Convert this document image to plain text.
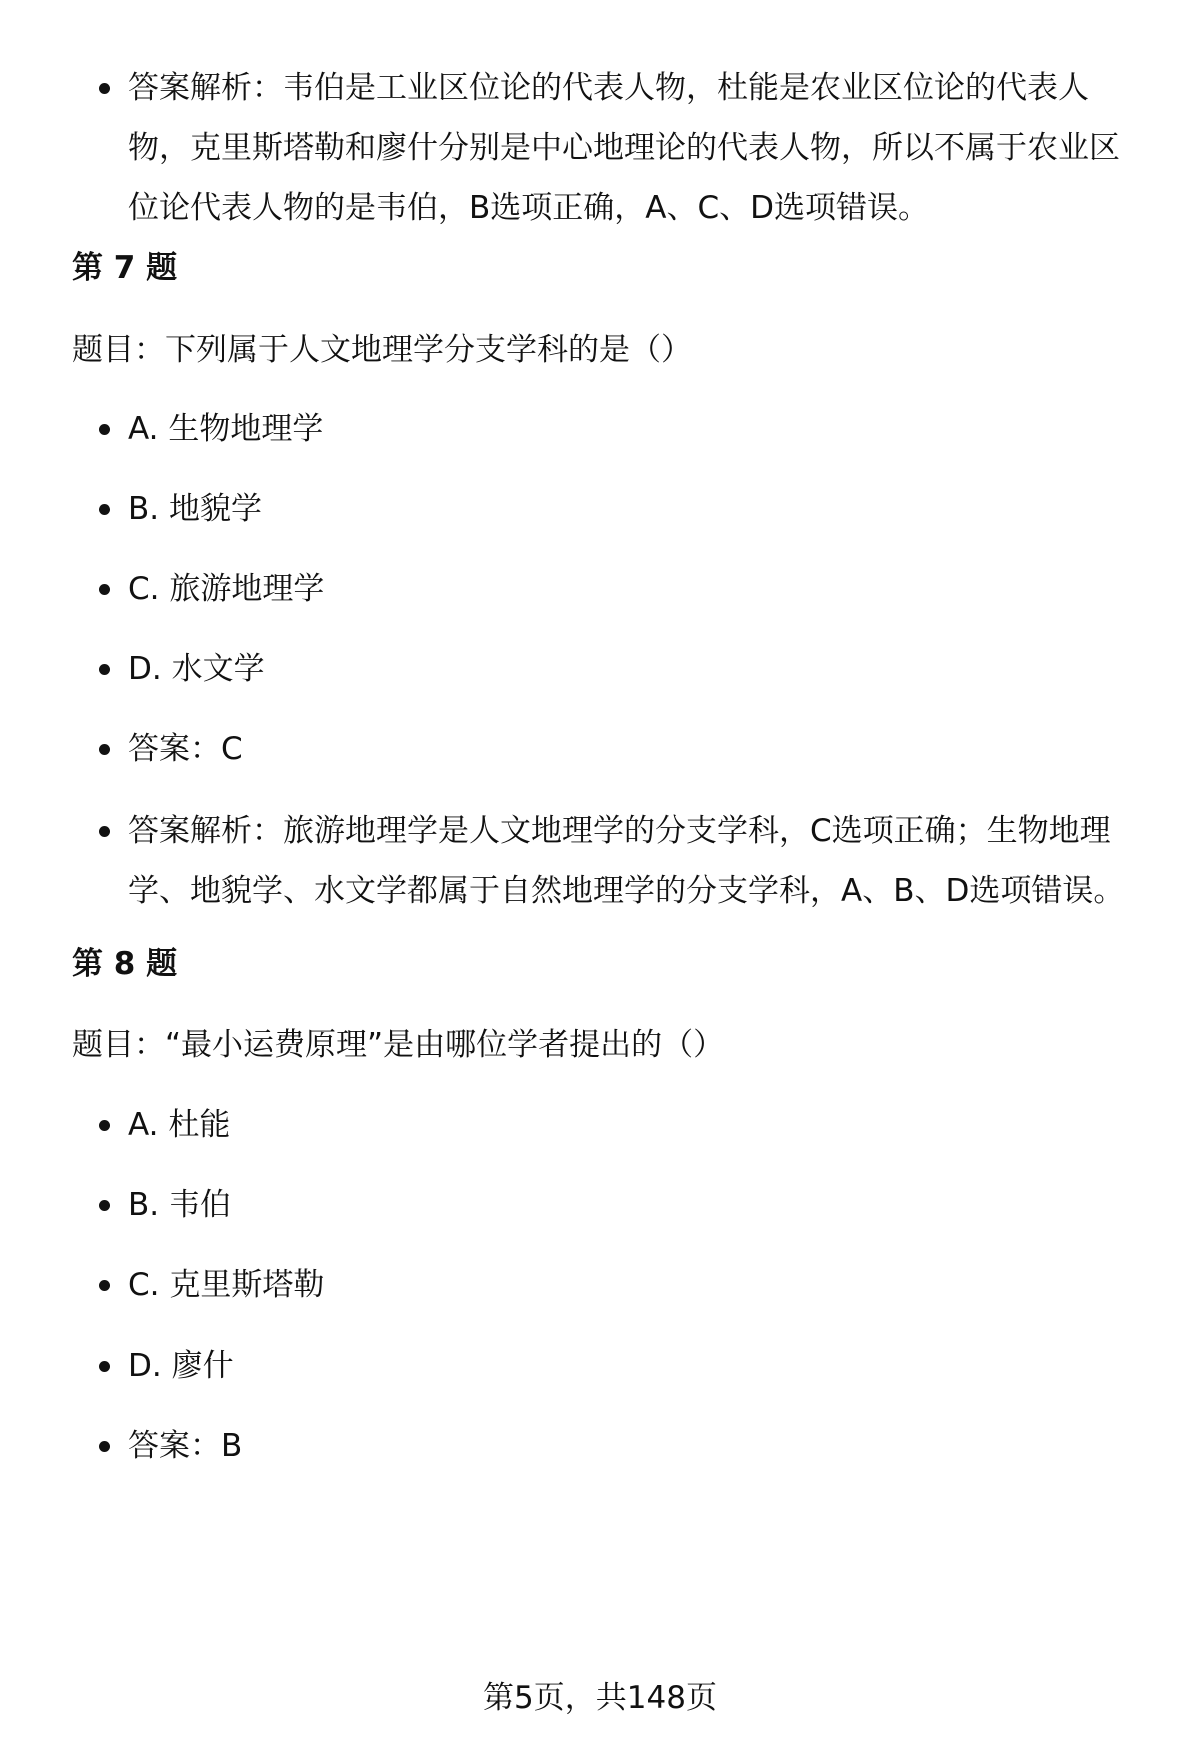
答案解析：韦伯是工业区位论的代表人物，杜能是农业区位论的代表人物，克里斯塔勒和廖什分别是中心地理论的代表人物，所以不属于农业区位论代表人物的是韦伯，B选项正确，A、C、D选项错误。
第 7 题
题目：下列属于人文地理学分支学科的是（）
A. 生物地理学
B. 地貌学
C. 旅游地理学
D. 水文学
答案：C
答案解析：旅游地理学是人文地理学的分支学科，C选项正确；生物地理学、地貌学、水文学都属于自然地理学的分支学科，A、B、D选项错误。
第 8 题
题目：“最小运费原理”是由哪位学者提出的（）
A. 杜能
B. 韦伯
C. 克里斯塔勒
D. 廖什
答案：B
第5页，共148页
